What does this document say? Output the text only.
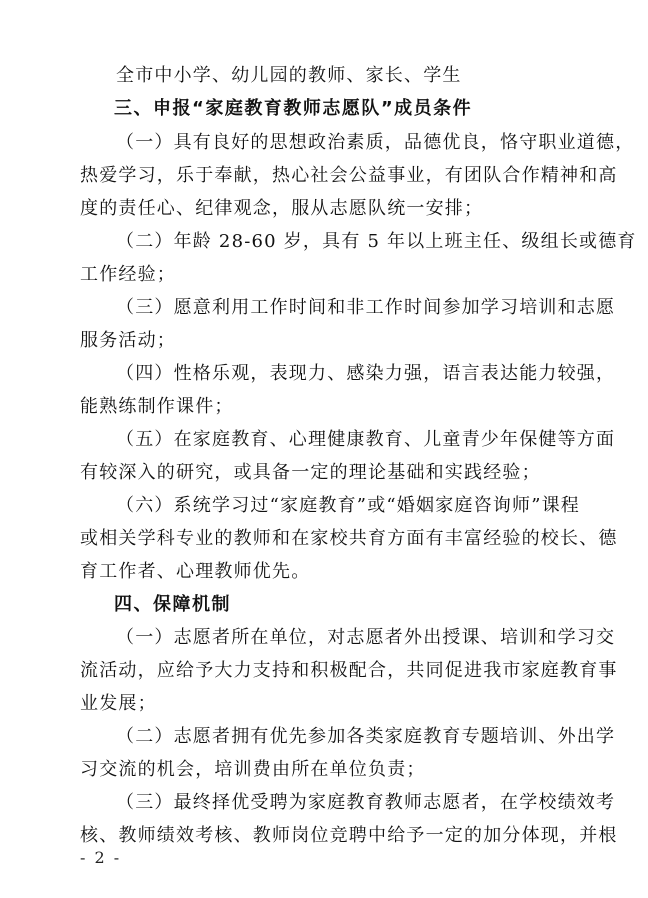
全市中小学、幼儿园的教师、家长、学生
三、申报“家庭教育教师志愿队”成员条件
（一）具有良好的思想政治素质，品德优良，恪守职业道德，
热爱学习，乐于奉献，热心社会公益事业，有团队合作精神和高
度的责任心、纪律观念，服从志愿队统一安排；
（二）年龄 28-60 岁，具有 5 年以上班主任、级组长或德育
工作经验；
（三）愿意利用工作时间和非工作时间参加学习培训和志愿
服务活动；
（四）性格乐观，表现力、感染力强，语言表达能力较强，
能熟练制作课件；
（五）在家庭教育、心理健康教育、儿童青少年保健等方面
有较深入的研究，或具备一定的理论基础和实践经验；
（六）系统学习过“家庭教育”或“婚姻家庭咨询师”课程
或相关学科专业的教师和在家校共育方面有丰富经验的校长、德
育工作者、心理教师优先。
四、保障机制
（一）志愿者所在单位，对志愿者外出授课、培训和学习交
流活动，应给予大力支持和积极配合，共同促进我市家庭教育事
业发展；
（二）志愿者拥有优先参加各类家庭教育专题培训、外出学
习交流的机会，培训费由所在单位负责；
（三）最终择优受聘为家庭教育教师志愿者，在学校绩效考
核、教师绩效考核、教师岗位竞聘中给予一定的加分体现，并根
- 2 -
